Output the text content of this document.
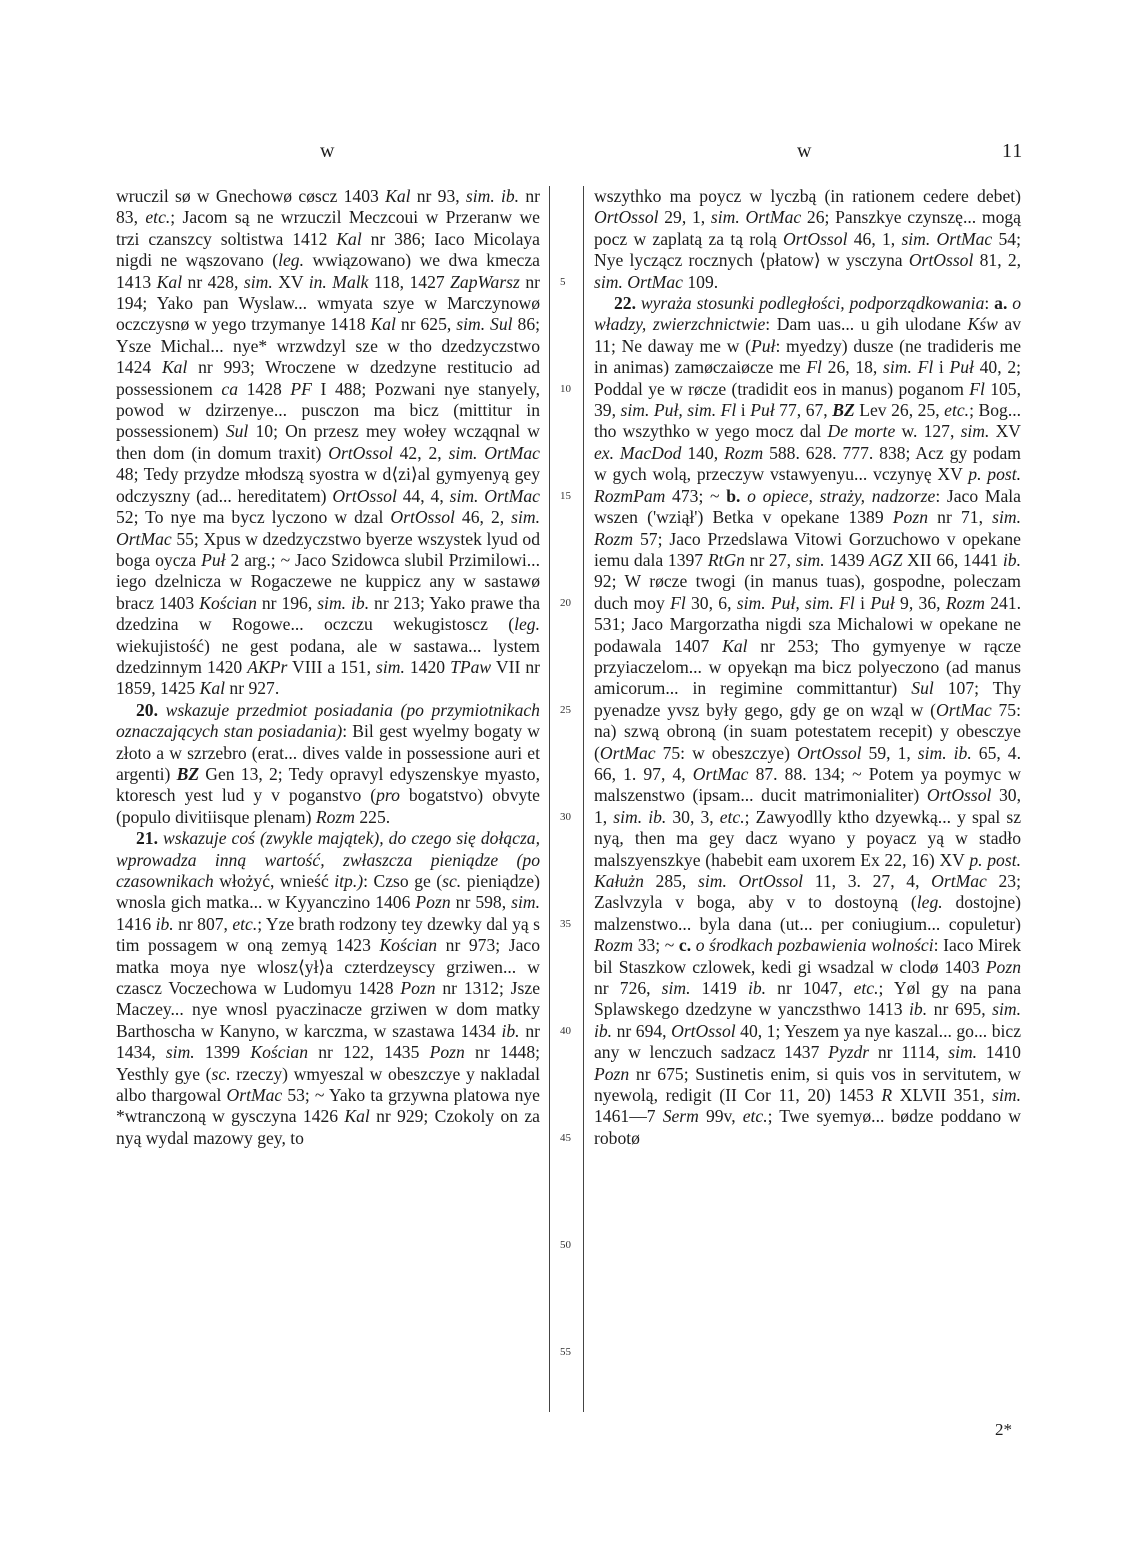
w	w	11

wruczil sø w Gnechowø cøscz 1403 Kal nr 93, sim. ib. nr 83, etc.; Jacom są ne wrzuczil Meczcoui w Przeranw we trzi czanszcy soltistwa 1412 Kal nr 386; Iaco Micolaya nigdi ne wąszovano (leg. wwiązowano) we dwa kmecza 1413 Kal nr 428, sim. XV in. Malk 118, 1427 ZapWarsz nr 194; Yako pan Wyslaw... wmyata szye w Marczynowø oczczysnø w yego trzymanye 1418 Kal nr 625, sim. Sul 86; Ysze Michal... nye* wrzwdzyl sze w tho dzedzyczstwo 1424 Kal nr 993; Wroczene w dzedzyne restitucio ad possessionem ca 1428 PF I 488; Pozwani nye stanyely, powod w dzirzenye... pusczon ma bicz (mittitur in possessionem) Sul 10; On przesz mey wołey wcząqnal w then dom (in domum traxit) OrtOssol 42, 2, sim. OrtMac 48; Tedy przydze młodszą syostra w d⟨zi⟩al gymyenyą gey odczyszny (ad... hereditatem) OrtOssol 44, 4, sim. OrtMac 52; To nye ma bycz lyczono w dzal OrtOssol 46, 2, sim. OrtMac 55; Xpus w dzedzyczstwo byerze wszystek lyud od boga oycza Puł 2 arg.; ~ Jaco Szidowca slubil Przimilowi... iego dzelnicza w Rogaczewe ne kuppicz any w sastawø bracz 1403 Kościan nr 196, sim. ib. nr 213; Yako prawe tha dzedzina w Rogowe... oczczu wekugistoscz (leg. wiekujistość) ne gest podana, ale w sastawa... lystem dzedzinnym 1420 AKPr VIII a 151, sim. 1420 TPaw VII nr 1859, 1425 Kal nr 927.

20. wskazuje przedmiot posiadania (po przymiotnikach oznaczających stan posiadania): Bil gest wyelmy bogaty w złoto a w szrzebro (erat... dives valde in possessione auri et argenti) BZ Gen 13, 2; Tedy opravyl edyszenskye myasto, ktoresch yest lud y v poganstvo (pro bogatstvo) obvyte (populo divitiisque plenam) Rozm 225.

21. wskazuje coś (zwykle majątek), do czego się dołącza, wprowadza inną wartość, zwłaszcza pieniądze (po czasownikach włożyć, wnieść itp.): Czso ge (sc. pieniądze) wnosla gich matka... w Kyyanczino 1406 Pozn nr 598, sim. 1416 ib. nr 807, etc.; Yze brath rodzony tey dzewky dal yą s tim possagem w oną zemyą 1423 Kościan nr 973; Jaco matka moya nye wlosz⟨ył⟩a czterdzeyscy grziwen... w czascz Voczechowa w Ludomyu 1428 Pozn nr 1312; Jsze Maczey... nye wnosl pyaczinacze grziwen w dom matky Barthoscha w Kanyno, w karczma, w szastawa 1434 ib. nr 1434, sim. 1399 Kościan nr 122, 1435 Pozn nr 1448; Yesthly gye (sc. rzeczy) wmyeszal w obeszczye y nakladal albo thargowal OrtMac 53; ~ Yako ta grzywna platowa nye *wtranczoną w gysczyna 1426 Kal nr 929; Czokoly on za nyą wydal mazowy gey, to

5
10
15
20
25
30
35
40
45
50
55

wszythko ma poycz w lyczbą (in rationem cedere debet) OrtOssol 29, 1, sim. OrtMac 26; Panszkye czynszę... mogą pocz w zaplatą za tą rolą OrtOssol 46, 1, sim. OrtMac 54; Nye lyczącz rocznych ⟨płatow⟩ w ysczyna OrtOssol 81, 2, sim. OrtMac 109.

22. wyraża stosunki podległości, podporządkowania: a. o władzy, zwierzchnictwie: Dam uas... u gih ulodane Kśw av 11; Ne daway me w (Puł: myedzy) dusze (ne tradideris me in animas) zamøczaiøcze me Fl 26, 18, sim. Fl i Puł 40, 2; Poddal ye w røcze (tradidit eos in manus) poganom Fl 105, 39, sim. Puł, sim. Fl i Puł 77, 67, BZ Lev 26, 25, etc.; Bog... tho wszythko w yego mocz dal De morte w. 127, sim. XV ex. MacDod 140, Rozm 588. 628. 777. 838; Acz gy podam w gych wolą, przeczyw vstawyenyu... vczynyę XV p. post. RozmPam 473; ~ b. o opiece, straży, nadzorze: Jaco Mala wszen ('wziął') Betka v opekane 1389 Pozn nr 71, sim. Rozm 57; Jaco Przedslawa Vitowi Gorzuchowo v opekane iemu dala 1397 RtGn nr 27, sim. 1439 AGZ XII 66, 1441 ib. 92; W røcze twogi (in manus tuas), gospodne, poleczam duch moy Fl 30, 6, sim. Puł, sim. Fl i Puł 9, 36, Rozm 241. 531; Jaco Margorzatha nigdi sza Michalowi w opekane ne podawala 1407 Kal nr 253; Tho gymyenye w rącze przyiaczelom... w opyekąn ma bicz polyeczono (ad manus amicorum... in regimine committantur) Sul 107; Thy pyenadze yvsz były gego, gdy ge on wząl w (OrtMac 75: na) szwą obroną (in suam potestatem recepit) y obesczye (OrtMac 75: w obeszczye) OrtOssol 59, 1, sim. ib. 65, 4. 66, 1. 97, 4, OrtMac 87. 88. 134; ~ Potem ya poymyc w malszenstwo (ipsam... ducit matrimonialiter) OrtOssol 30, 1, sim. ib. 30, 3, etc.; Zawyodlly ktho dzyewką... y spal sz nyą, then ma gey dacz wyano y poyacz yą w stadło malszyenszkye (habebit eam uxorem Ex 22, 16) XV p. post. Kałużn 285, sim. OrtOssol 11, 3. 27, 4, OrtMac 23; Zaslvzyla v boga, aby v to dostoyną (leg. dostojne) malzenstwo... byla dana (ut... per coniugium... copuletur) Rozm 33; ~ c. o środkach pozbawienia wolności: Iaco Mirek bil Staszkow czlowek, kedi gi wsadzal w clodø 1403 Pozn nr 726, sim. 1419 ib. nr 1047, etc.; Yøl gy na pana Splawskego dzedzyne w yanczsthwo 1413 ib. nr 695, sim. ib. nr 694, OrtOssol 40, 1; Yeszem ya nye kaszal... go... bicz any w lenczuch sadzacz 1437 Pyzdr nr 1114, sim. 1410 Pozn nr 675; Sustinetis enim, si quis vos in servitutem, w nyewolą, redigit (II Cor 11, 20) 1453 R XLVII 351, sim. 1461—7 Serm 99v, etc.; Twe syemyø... bødze poddano w robotø

2*
